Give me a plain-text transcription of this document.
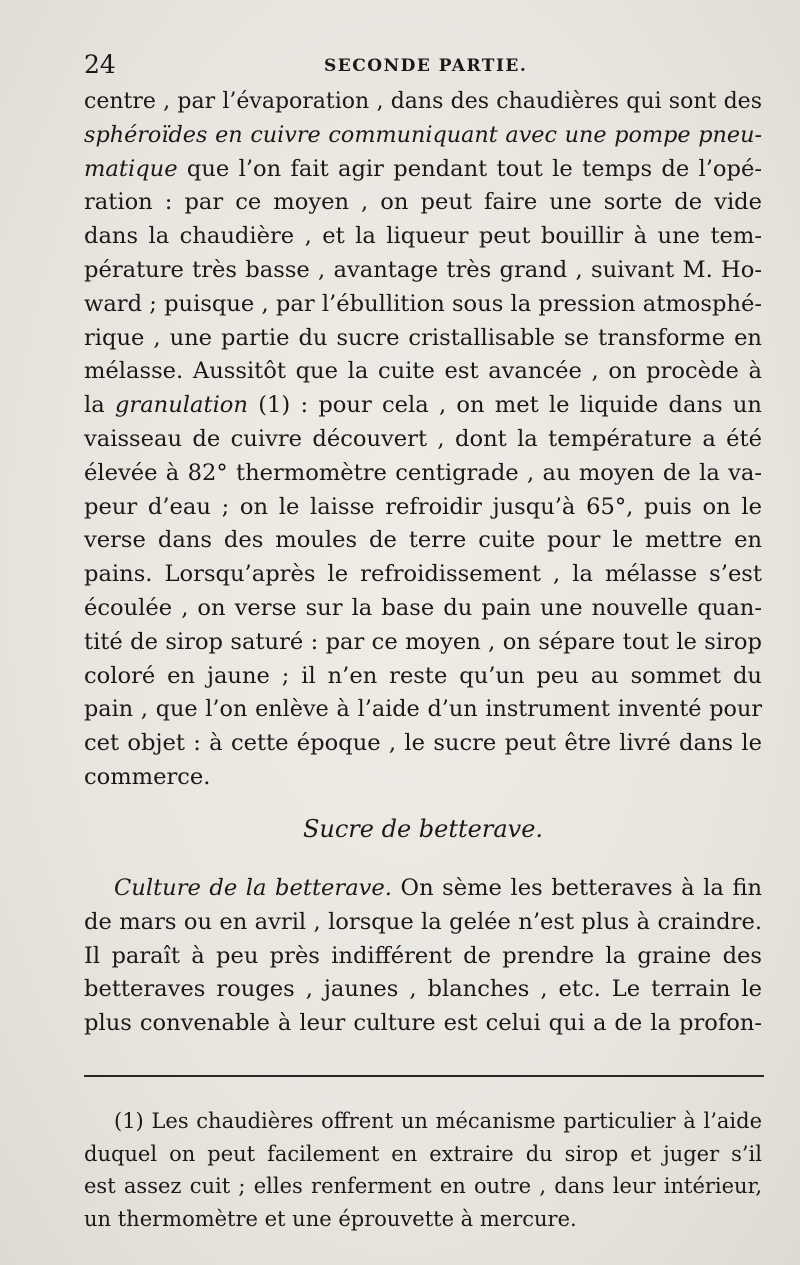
24	SECONDE PARTIE.
centre , par l’évaporation , dans des chaudières qui sont des
sphéroïdes en cuivre communiquant avec une pompe pneu-
matique que l’on fait agir pendant tout le temps de l’opé-
ration : par ce moyen , on peut faire une sorte de vide
dans la chaudière , et la liqueur peut bouillir à une tem-
pérature très basse , avantage très grand , suivant M. Ho-
ward ; puisque , par l’ébullition sous la pression atmosphé-
rique , une partie du sucre cristallisable se transforme en
mélasse. Aussitôt que la cuite est avancée , on procède à
la granulation (1) : pour cela , on met le liquide dans un
vaisseau de cuivre découvert , dont la température a été
élevée à 82° thermomètre centigrade , au moyen de la va-
peur d’eau ; on le laisse refroidir jusqu’à 65°, puis on le
verse dans des moules de terre cuite pour le mettre en
pains. Lorsqu’après le refroidissement , la mélasse s’est
écoulée , on verse sur la base du pain une nouvelle quan-
tité de sirop saturé : par ce moyen , on sépare tout le sirop
coloré en jaune ; il n’en reste qu’un peu au sommet du
pain , que l’on enlève à l’aide d’un instrument inventé pour
cet objet : à cette époque , le sucre peut être livré dans le
commerce.
Sucre de betterave.
Culture de la betterave. On sème les betteraves à la fin
de mars ou en avril , lorsque la gelée n’est plus à craindre.
Il paraît à peu près indifférent de prendre la graine des
betteraves rouges , jaunes , blanches , etc. Le terrain le
plus convenable à leur culture est celui qui a de la profon-
(1) Les chaudières offrent un mécanisme particulier à l’aide
duquel on peut facilement en extraire du sirop et juger s’il
est assez cuit ; elles renferment en outre , dans leur intérieur,
un thermomètre et une éprouvette à mercure.
